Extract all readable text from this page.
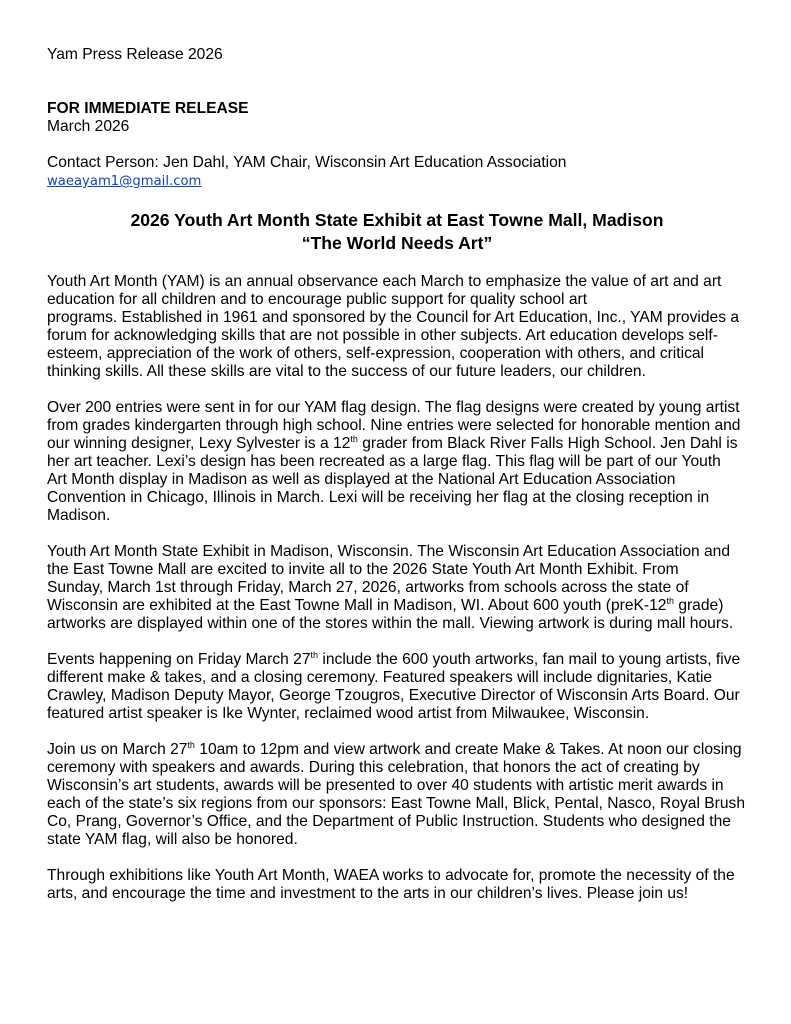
Yam Press Release 2026
FOR IMMEDIATE RELEASE
March 2026
Contact Person: Jen Dahl, YAM Chair, Wisconsin Art Education Association
waeayam1@gmail.com
2026 Youth Art Month State Exhibit at East Towne Mall, Madison
“The World Needs Art”
Youth Art Month (YAM) is an annual observance each March to emphasize the value of art and art
education for all children and to encourage public support for quality school art
programs. Established in 1961 and sponsored by the Council for Art Education, Inc., YAM provides a
forum for acknowledging skills that are not possible in other subjects. Art education develops self-
esteem, appreciation of the work of others, self-expression, cooperation with others, and critical
thinking skills. All these skills are vital to the success of our future leaders, our children.
Over 200 entries were sent in for our YAM flag design. The flag designs were created by young artist
from grades kindergarten through high school. Nine entries were selected for honorable mention and
our winning designer, Lexy Sylvester is a 12th grader from Black River Falls High School. Jen Dahl is
her art teacher. Lexi’s design has been recreated as a large flag. This flag will be part of our Youth
Art Month display in Madison as well as displayed at the National Art Education Association
Convention in Chicago, Illinois in March. Lexi will be receiving her flag at the closing reception in
Madison.
Youth Art Month State Exhibit in Madison, Wisconsin. The Wisconsin Art Education Association and
the East Towne Mall are excited to invite all to the 2026 State Youth Art Month Exhibit. From
Sunday, March 1st through Friday, March 27, 2026, artworks from schools across the state of
Wisconsin are exhibited at the East Towne Mall in Madison, WI. About 600 youth (preK-12th grade)
artworks are displayed within one of the stores within the mall. Viewing artwork is during mall hours.
Events happening on Friday March 27th include the 600 youth artworks, fan mail to young artists, five
different make & takes, and a closing ceremony. Featured speakers will include dignitaries, Katie
Crawley, Madison Deputy Mayor, George Tzougros, Executive Director of Wisconsin Arts Board. Our
featured artist speaker is Ike Wynter, reclaimed wood artist from Milwaukee, Wisconsin.
Join us on March 27th 10am to 12pm and view artwork and create Make & Takes. At noon our closing
ceremony with speakers and awards. During this celebration, that honors the act of creating by
Wisconsin’s art students, awards will be presented to over 40 students with artistic merit awards in
each of the state’s six regions from our sponsors: East Towne Mall, Blick, Pental, Nasco, Royal Brush
Co, Prang, Governor’s Office, and the Department of Public Instruction. Students who designed the
state YAM flag, will also be honored.
Through exhibitions like Youth Art Month, WAEA works to advocate for, promote the necessity of the
arts, and encourage the time and investment to the arts in our children’s lives. Please join us!
